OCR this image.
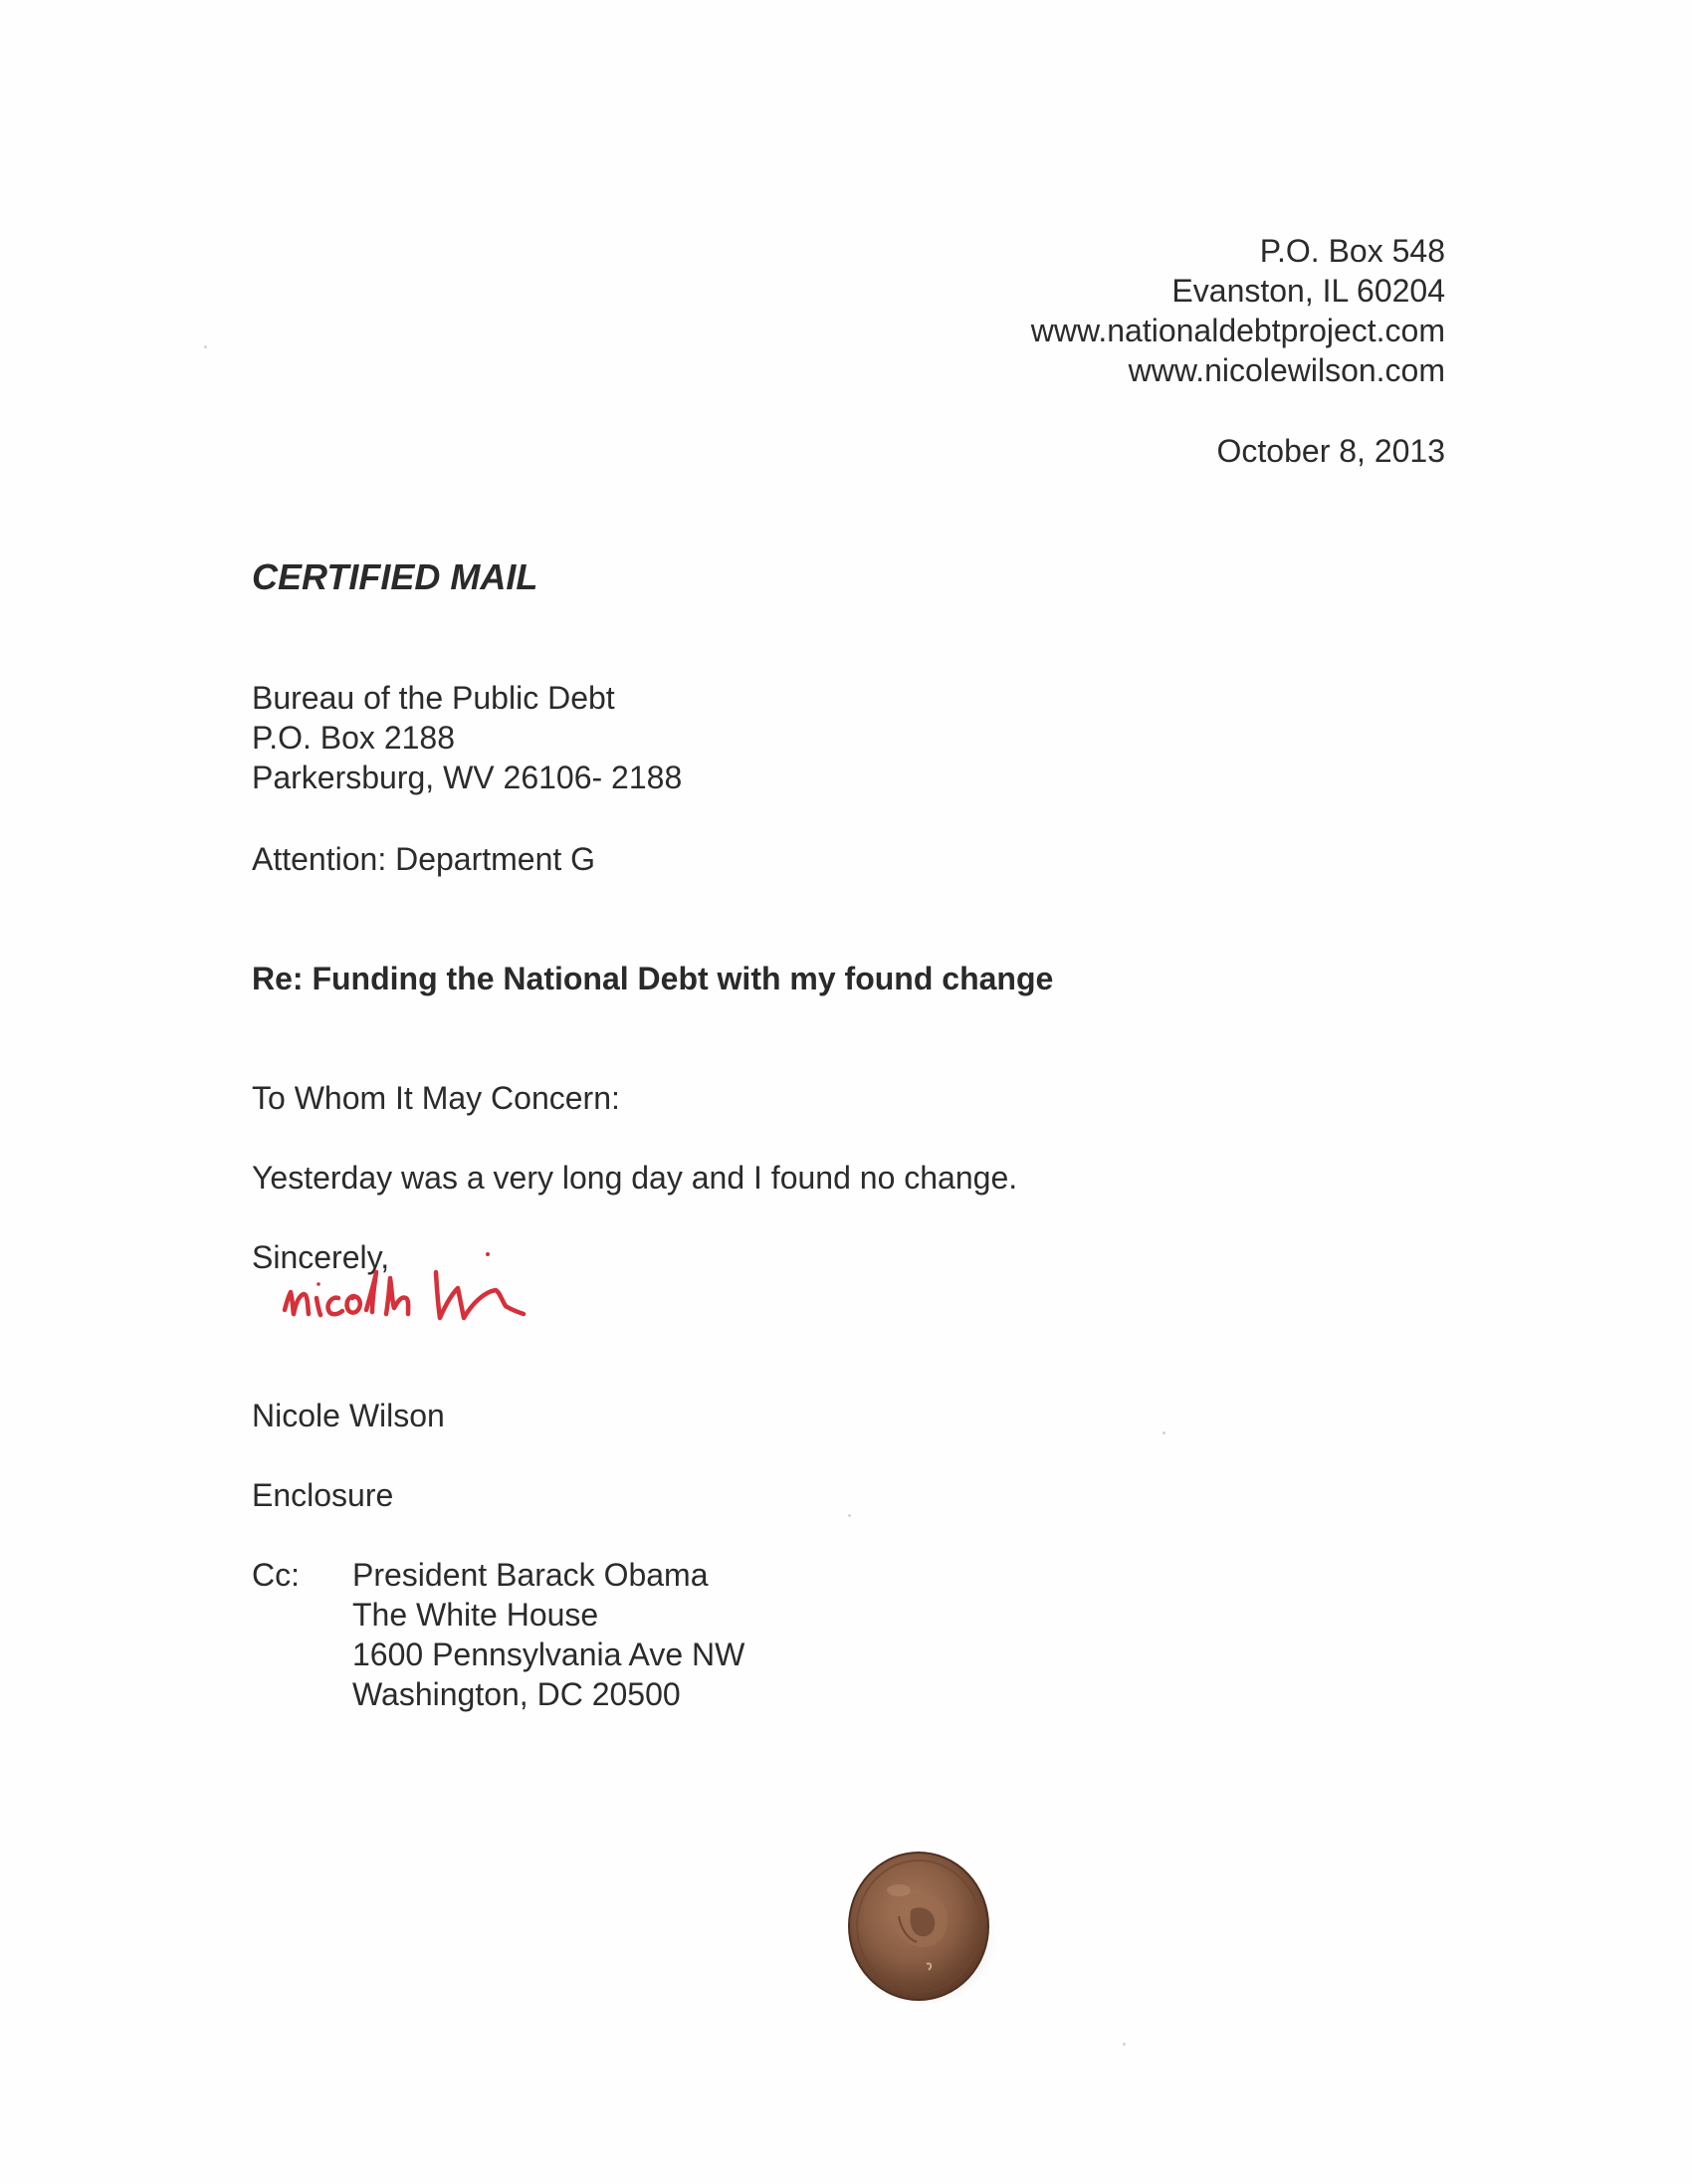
P.O. Box 548
Evanston, IL 60204
www.nationaldebtproject.com
www.nicolewilson.com
October 8, 2013
CERTIFIED MAIL
Bureau of the Public Debt
P.O. Box 2188
Parkersburg, WV 26106- 2188
Attention: Department G
Re: Funding the National Debt with my found change
To Whom It May Concern:
Yesterday was a very long day and I found no change.
Sincerely,
Nicole Wilson
Enclosure
Cc: President Barack Obama
The White House
1600 Pennsylvania Ave NW
Washington, DC 20500
